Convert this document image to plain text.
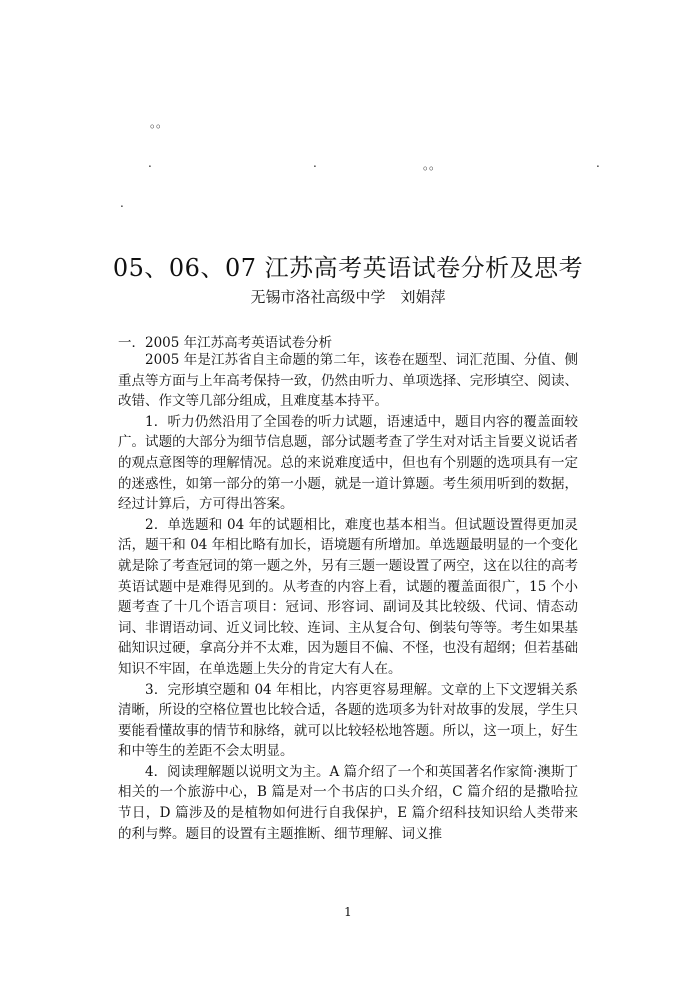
。。
.	.	。。	.
.
05、06、07 江苏高考英语试卷分析及思考
无锡市洛社高级中学　刘娟萍
一．2005 年江苏高考英语试卷分析

2005 年是江苏省自主命题的第二年，该卷在题型、词汇范围、分值、侧重点等方面与上年高考保持一致，仍然由听力、单项选择、完形填空、阅读、改错、作文等几部分组成，且难度基本持平。

1．听力仍然沿用了全国卷的听力试题，语速适中，题目内容的覆盖面较广。试题的大部分为细节信息题，部分试题考查了学生对对话主旨要义说话者的观点意图等的理解情况。总的来说难度适中，但也有个别题的选项具有一定的迷惑性，如第一部分的第一小题，就是一道计算题。考生须用听到的数据，经过计算后，方可得出答案。

2．单选题和 04 年的试题相比，难度也基本相当。但试题设置得更加灵活，题干和 04 年相比略有加长，语境题有所增加。单选题最明显的一个变化就是除了考查冠词的第一题之外，另有三题一题设置了两空，这在以往的高考英语试题中是难得见到的。从考查的内容上看，试题的覆盖面很广，15 个小题考查了十几个语言项目：冠词、形容词、副词及其比较级、代词、情态动词、非谓语动词、近义词比较、连词、主从复合句、倒装句等等。考生如果基础知识过硬，拿高分并不太难，因为题目不偏、不怪，也没有超纲；但若基础知识不牢固，在单选题上失分的肯定大有人在。

3．完形填空题和 04 年相比，内容更容易理解。文章的上下文逻辑关系清晰，所设的空格位置也比较合适，各题的选项多为针对故事的发展，学生只要能看懂故事的情节和脉络，就可以比较轻松地答题。所以，这一项上，好生和中等生的差距不会太明显。

4．阅读理解题以说明文为主。A 篇介绍了一个和英国著名作家简·澳斯丁相关的一个旅游中心，B 篇是对一个书店的口头介绍，C 篇介绍的是撒哈拉节日，D 篇涉及的是植物如何进行自我保护，E 篇介绍科技知识给人类带来的利与弊。题目的设置有主题推断、细节理解、词义推

1
